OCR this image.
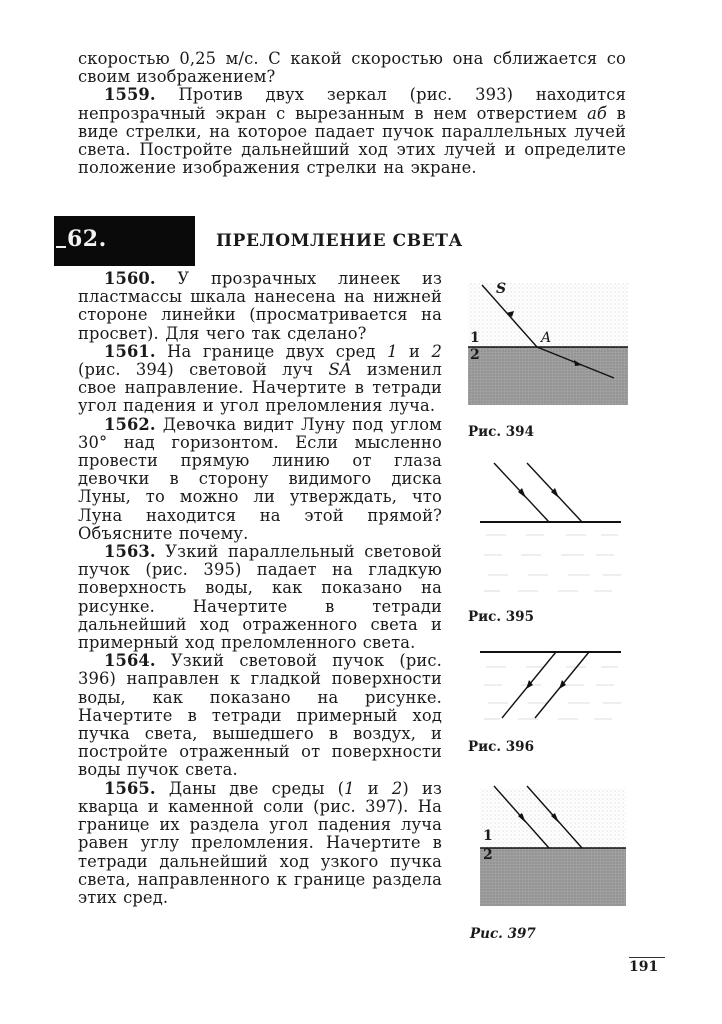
скоростью 0,25 м/с. С какой скоростью она сближается со своим изображением?

1559. Против двух зеркал (рис. 393) находится непрозрачный экран с вырезанным в нем отверстием аб в виде стрелки, на которое падает пучок параллельных лучей света. Постройте дальнейший ход этих лучей и определите положение изображения стрелки на экране.

62.	ПРЕЛОМЛЕНИЕ СВЕТА

1560. У прозрачных линеек из пластмассы шкала нанесена на нижней стороне линейки (просматривается на просвет). Для чего так сделано?

1561. На границе двух сред 1 и 2 (рис. 394) световой луч SA изменил свое направление. Начертите в тетради угол падения и угол преломления луча.

1562. Девочка видит Луну под углом 30° над горизонтом. Если мысленно провести прямую линию от глаза девочки в сторону видимого диска Луны, то можно ли утверждать, что Луна находится на этой прямой? Объясните почему.

1563. Узкий параллельный световой пучок (рис. 395) падает на гладкую поверхность воды, как показано на рисунке. Начертите в тетради дальнейший ход отраженного света и примерный ход преломленного света.

1564. Узкий световой пучок (рис. 396) направлен к гладкой поверхности воды, как показано на рисунке. Начертите в тетради примерный ход пучка света, вышедшего в воздух, и постройте отраженный от поверхности воды пучок света.

1565. Даны две среды (1 и 2) из кварца и каменной соли (рис. 397). На границе их раздела угол падения луча равен углу преломления. Начертите в тетради дальнейший ход узкого пучка света, направленного к границе раздела этих сред.

S
A
1
2
Рис. 394
Рис. 395
Рис. 396
1
2
Рис. 397
191
